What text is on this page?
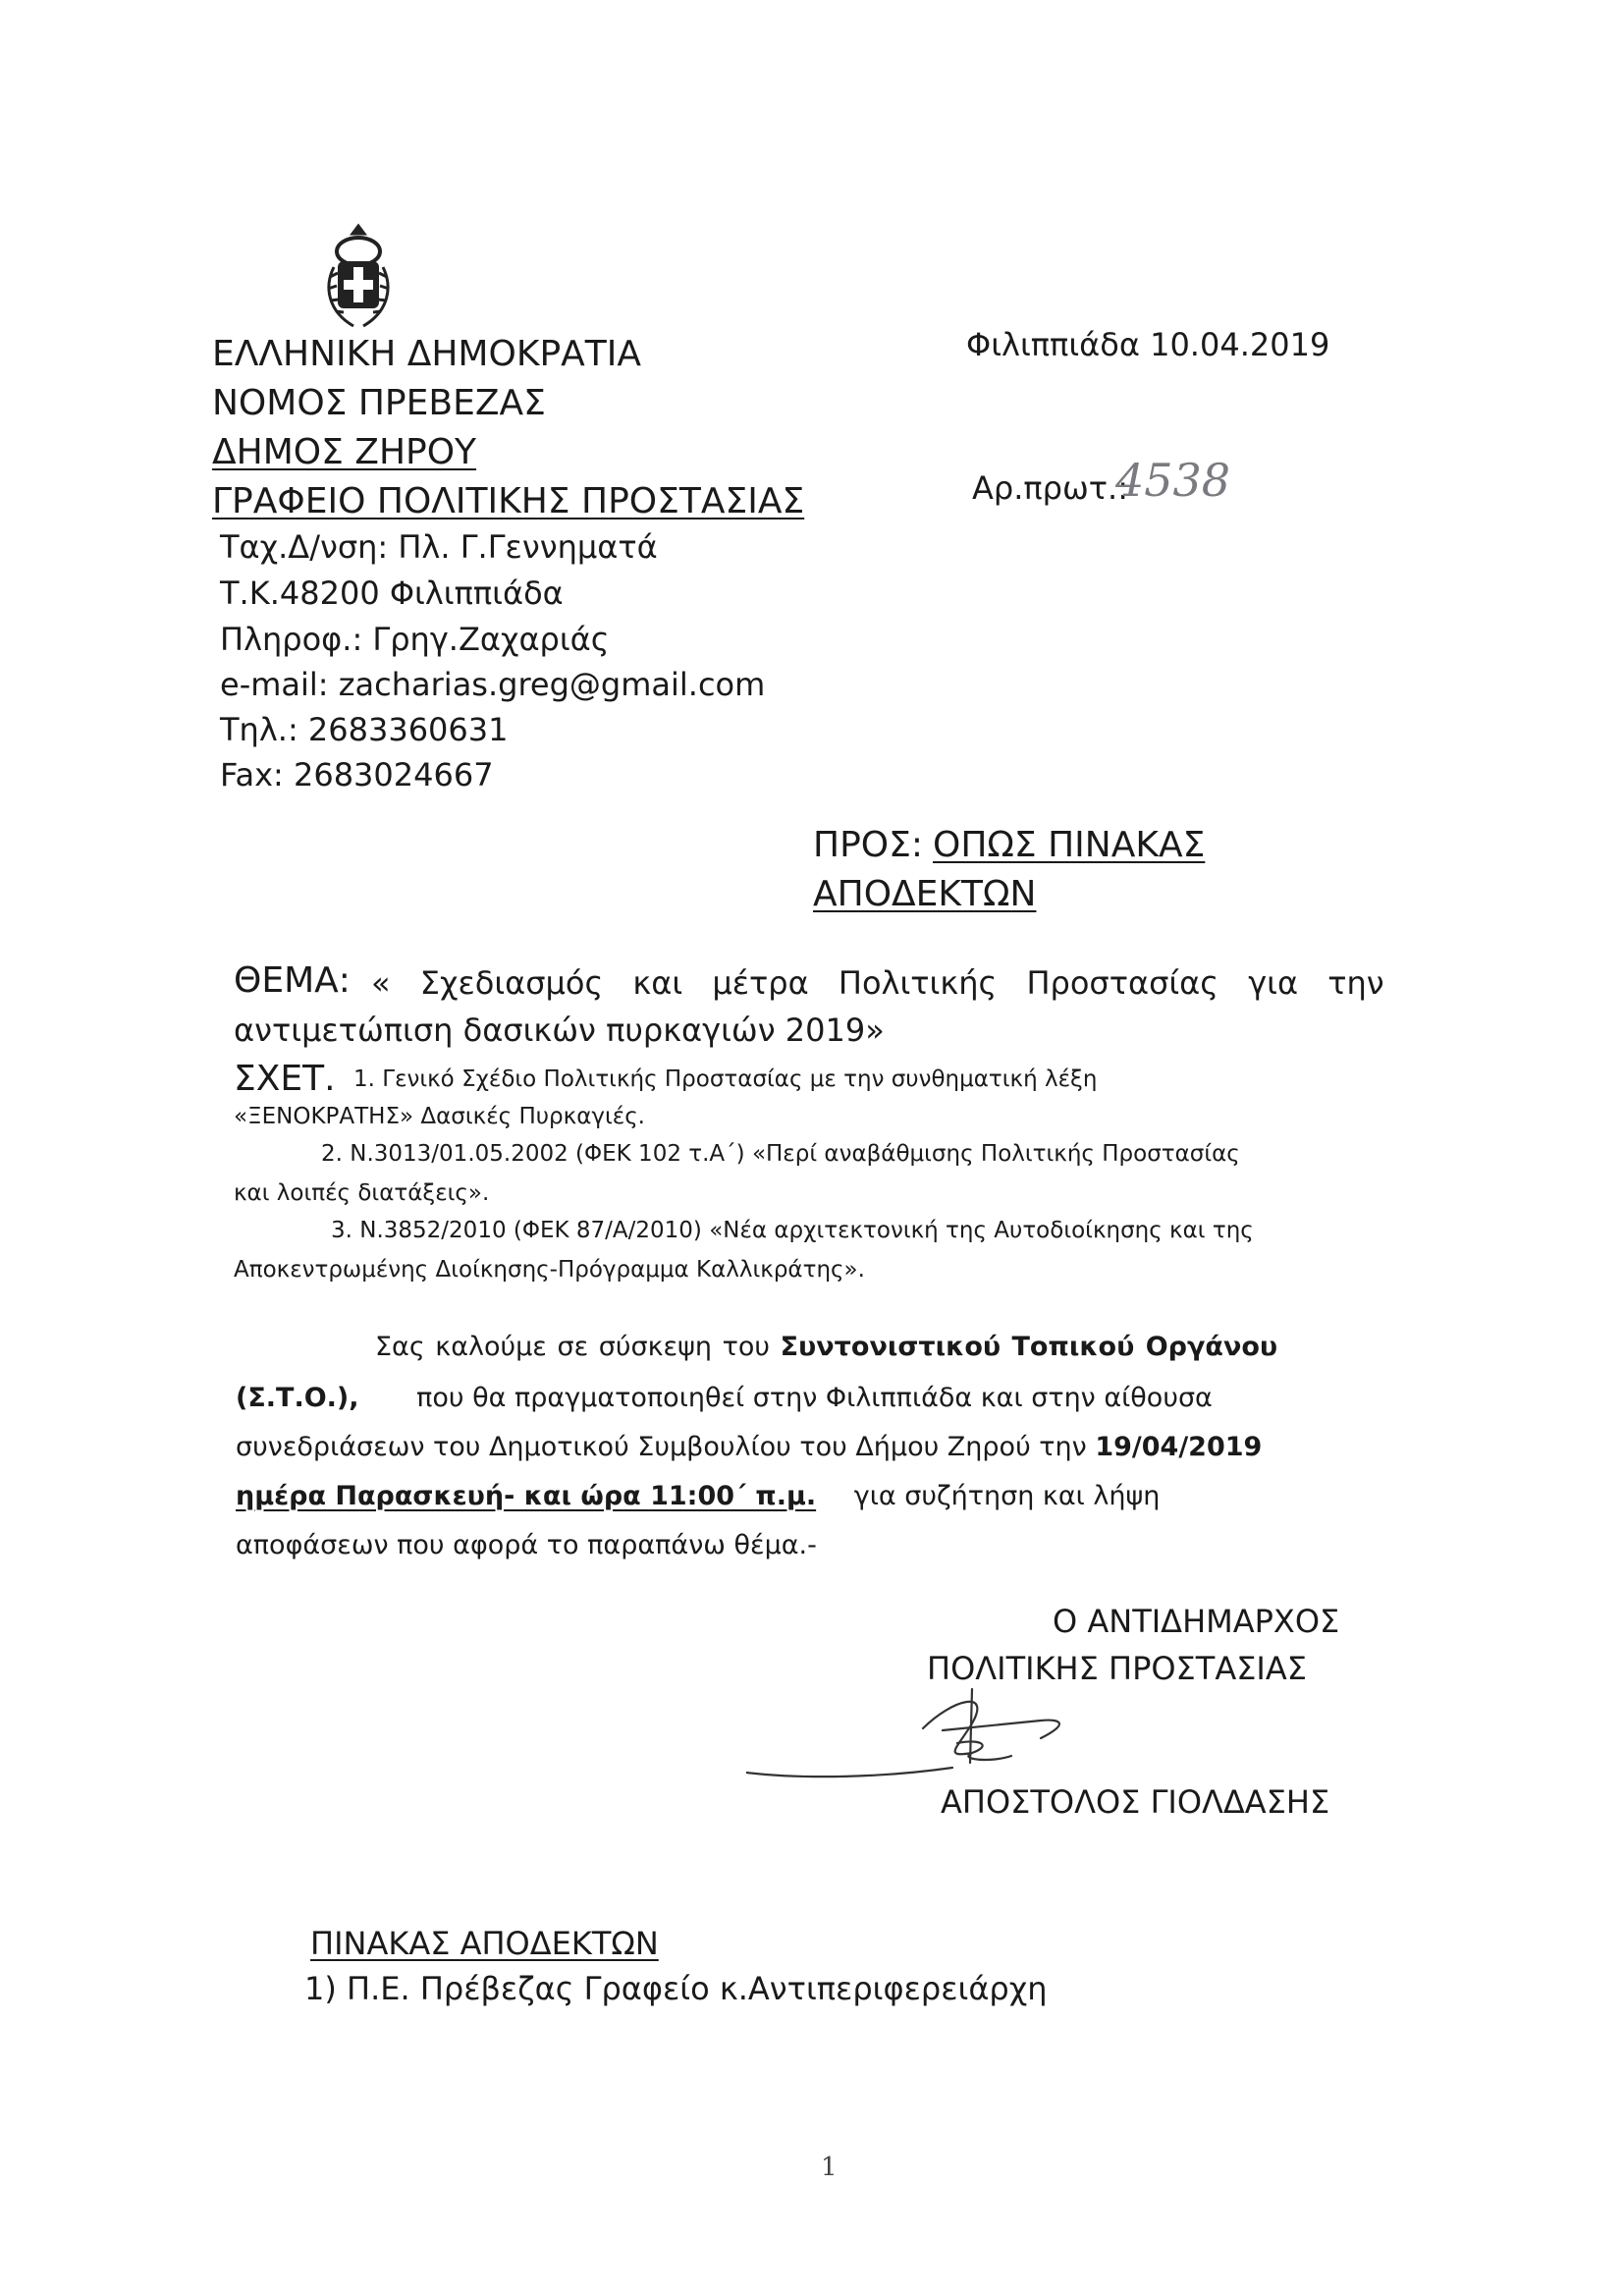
ΕΛΛΗΝΙΚΗ ΔΗΜΟΚΡΑΤΙΑ
ΝΟΜΟΣ ΠΡΕΒΕΖΑΣ
ΔΗΜΟΣ ΖΗΡΟΥ
ΓΡΑΦΕΙΟ ΠΟΛΙΤΙΚΗΣ ΠΡΟΣΤΑΣΙΑΣ
Ταχ.Δ/νση: Πλ. Γ.Γεννηματά
Τ.Κ.48200 Φιλιππιάδα
Πληροφ.: Γρηγ.Ζαχαριάς
e-mail: zacharias.greg@gmail.com
Τηλ.: 2683360631
Fax: 2683024667
Φιλιππιάδα 10.04.2019
Αρ.πρωτ.:
4538
ΠΡΟΣ: ΟΠΩΣ ΠΙΝΑΚΑΣ
ΑΠΟΔΕΚΤΩΝ
ΘΕΜΑ: « Σχεδιασμός και μέτρα Πολιτικής Προστασίας για την
αντιμετώπιση δασικών πυρκαγιών 2019»
ΣΧΕΤ. 1. Γενικό Σχέδιο Πολιτικής Προστασίας με την συνθηματική λέξη
«ΞΕΝΟΚΡΑΤΗΣ» Δασικές Πυρκαγιές.
2. Ν.3013/01.05.2002 (ΦΕΚ 102 τ.Α΄) «Περί αναβάθμισης Πολιτικής Προστασίας
και λοιπές διατάξεις».
3. Ν.3852/2010 (ΦΕΚ 87/Α/2010) «Νέα αρχιτεκτονική της Αυτοδιοίκησης και της
Αποκεντρωμένης Διοίκησης-Πρόγραμμα Καλλικράτης».
Σας καλούμε σε σύσκεψη του Συντονιστικού Τοπικού Οργάνου
(Σ.Τ.Ο.), που θα πραγματοποιηθεί στην Φιλιππιάδα και στην αίθουσα
συνεδριάσεων του Δημοτικού Συμβουλίου του Δήμου Ζηρού την 19/04/2019
ημέρα Παρασκευή- και ώρα 11:00΄ π.μ. για συζήτηση και λήψη
αποφάσεων που αφορά το παραπάνω θέμα.-
Ο ΑΝΤΙΔΗΜΑΡΧΟΣ
ΠΟΛΙΤΙΚΗΣ ΠΡΟΣΤΑΣΙΑΣ
ΑΠΟΣΤΟΛΟΣ ΓΙΟΛΔΑΣΗΣ
ΠΙΝΑΚΑΣ ΑΠΟΔΕΚΤΩΝ
1) Π.Ε. Πρέβεζας Γραφείο κ.Αντιπεριφερειάρχη
1
